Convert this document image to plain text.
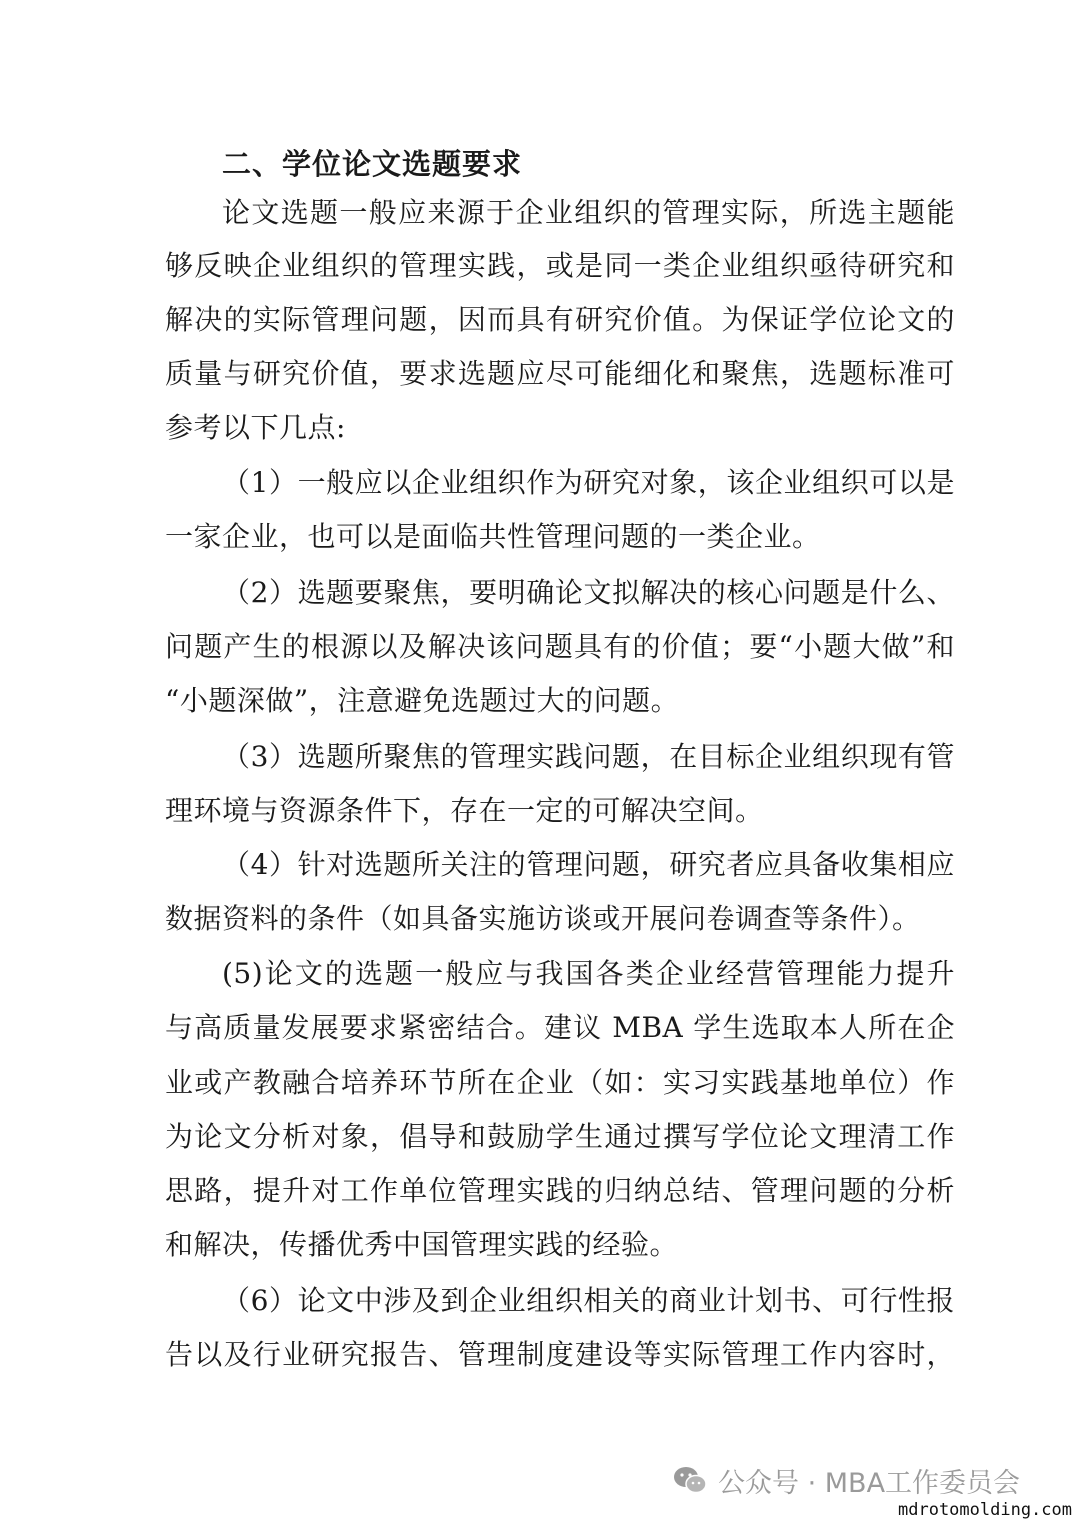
二、学位论文选题要求
论文选题一般应来源于企业组织的管理实际，所选主题能
够反映企业组织的管理实践，或是同一类企业组织亟待研究和
解决的实际管理问题，因而具有研究价值。为保证学位论文的
质量与研究价值，要求选题应尽可能细化和聚焦，选题标准可
参考以下几点:
（1）一般应以企业组织作为研究对象，该企业组织可以是
一家企业，也可以是面临共性管理问题的一类企业。
（2）选题要聚焦，要明确论文拟解决的核心问题是什么、
问题产生的根源以及解决该问题具有的价值；要“小题大做”和
“小题深做”，注意避免选题过大的问题。
（3）选题所聚焦的管理实践问题，在目标企业组织现有管
理环境与资源条件下，存在一定的可解决空间。
（4）针对选题所关注的管理问题，研究者应具备收集相应
数据资料的条件（如具备实施访谈或开展问卷调查等条件）。
(5)论文的选题一般应与我国各类企业经营管理能力提升
与高质量发展要求紧密结合。建议 MBA 学生选取本人所在企
业或产教融合培养环节所在企业（如：实习实践基地单位）作
为论文分析对象，倡导和鼓励学生通过撰写学位论文理清工作
思路，提升对工作单位管理实践的归纳总结、管理问题的分析
和解决，传播优秀中国管理实践的经验。
（6）论文中涉及到企业组织相关的商业计划书、可行性报
告以及行业研究报告、管理制度建设等实际管理工作内容时，
公众号 · MBA工作委员会
mdrotomolding.com
